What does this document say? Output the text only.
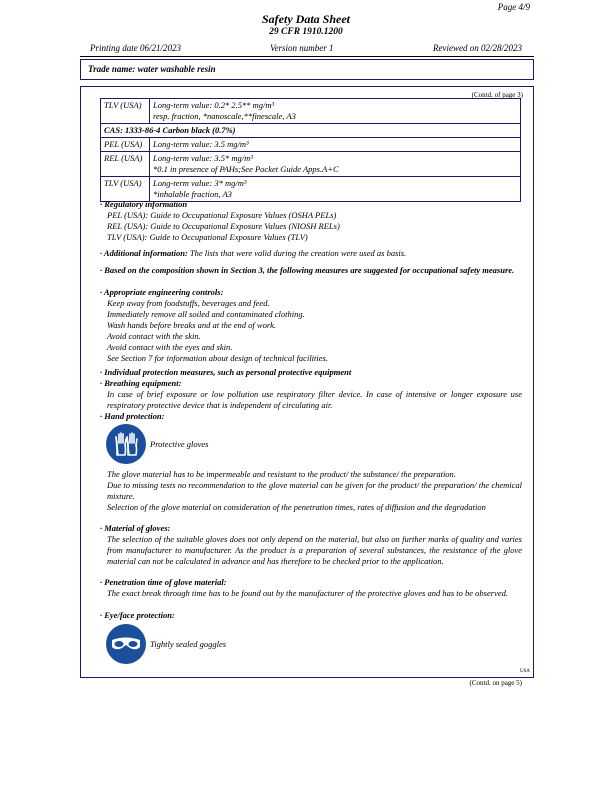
Page 4/9
Safety Data Sheet
29 CFR 1910.1200
Printing date 06/21/2023	Version number 1	Reviewed on 02/28/2023
Trade name: water washable resin
(Contd. of page 3)
TLV (USA)	Long-term value: 0.2* 2.5** mg/m³
resp. fraction, *nanoscale,**finescale, A3

CAS: 1333-86-4 Carbon black (0.7%)	
PEL (USA)	Long-term value: 3.5 mg/m³
REL (USA)	Long-term value: 3.5* mg/m³
*0.1 in presence of PAHs;See Pocket Guide Apps.A+C

TLV (USA)	Long-term value: 3* mg/m³
*inhalable fraction, A3
· Regulatory information
PEL (USA): Guide to Occupational Exposure Values (OSHA PELs)
REL (USA): Guide to Occupational Exposure Values (NIOSH RELs)
TLV (USA): Guide to Occupational Exposure Values (TLV)
· Additional information: The lists that were valid during the creation were used as basis.
· Based on the composition shown in Section 3, the following measures are suggested for occupational safety measure.
· Appropriate engineering controls:
Keep away from foodstuffs, beverages and feed.
Immediately remove all soiled and contaminated clothing.
Wash hands before breaks and at the end of work.
Avoid contact with the skin.
Avoid contact with the eyes and skin.
See Section 7 for information about design of technical facilities.
· Individual protection measures, such as personal protective equipment
· Breathing equipment:
In case of brief exposure or low pollution use respiratory filter device. In case of intensive or longer exposure use respiratory protective device that is independent of circulating air.
· Hand protection:
Protective gloves
The glove material has to be impermeable and resistant to the product/ the substance/ the preparation.
Due to missing tests no recommendation to the glove material can be given for the product/ the preparation/ the chemical mixture.
Selection of the glove material on consideration of the penetration times, rates of diffusion and the degradation
· Material of gloves:
The selection of the suitable gloves does not only depend on the material, but also on further marks of quality and varies from manufacturer to manufacturer. As the product is a preparation of several substances, the resistance of the glove material can not be calculated in advance and has therefore to be checked prior to the application.
· Penetration time of glove material:
The exact break through time has to be found out by the manufacturer of the protective gloves and has to be observed.
· Eye/face protection:
Tightly sealed goggles
USA
(Contd. on page 5)
